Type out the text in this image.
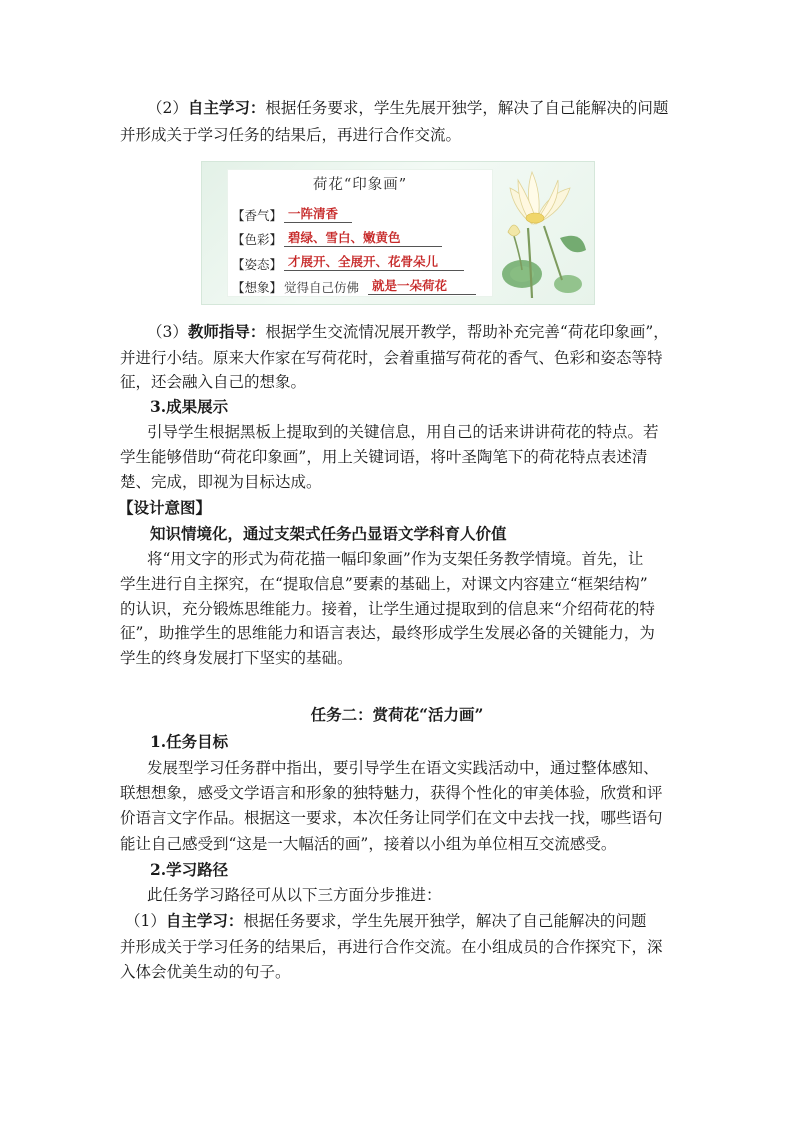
（2）自主学习：根据任务要求，学生先展开独学，解决了自己能解决的问题
并形成关于学习任务的结果后，再进行合作交流。
荷花“印象画”
【香气】 一阵清香
【色彩】 碧绿、雪白、嫩黄色
【姿态】 才展开、全展开、花骨朵儿
【想象】 觉得自己仿佛 就是一朵荷花
（3）教师指导：根据学生交流情况展开教学，帮助补充完善“荷花印象画”，
并进行小结。原来大作家在写荷花时，会着重描写荷花的香气、色彩和姿态等特
征，还会融入自己的想象。
3.成果展示
引导学生根据黑板上提取到的关键信息，用自己的话来讲讲荷花的特点。若
学生能够借助“荷花印象画”，用上关键词语，将叶圣陶笔下的荷花特点表述清
楚、完成，即视为目标达成。
【设计意图】
知识情境化，通过支架式任务凸显语文学科育人价值
将“用文字的形式为荷花描一幅印象画”作为支架任务教学情境。首先，让
学生进行自主探究，在“提取信息”要素的基础上，对课文内容建立“框架结构”
的认识，充分锻炼思维能力。接着，让学生通过提取到的信息来“介绍荷花的特
征”，助推学生的思维能力和语言表达，最终形成学生发展必备的关键能力，为
学生的终身发展打下坚实的基础。
任务二：赏荷花“活力画”
1.任务目标
发展型学习任务群中指出，要引导学生在语文实践活动中，通过整体感知、
联想想象，感受文学语言和形象的独特魅力，获得个性化的审美体验，欣赏和评
价语言文字作品。根据这一要求，本次任务让同学们在文中去找一找，哪些语句
能让自己感受到“这是一大幅活的画”，接着以小组为单位相互交流感受。
2.学习路径
此任务学习路径可从以下三方面分步推进：
（1）自主学习：根据任务要求，学生先展开独学，解决了自己能解决的问题
并形成关于学习任务的结果后，再进行合作交流。在小组成员的合作探究下，深
入体会优美生动的句子。
